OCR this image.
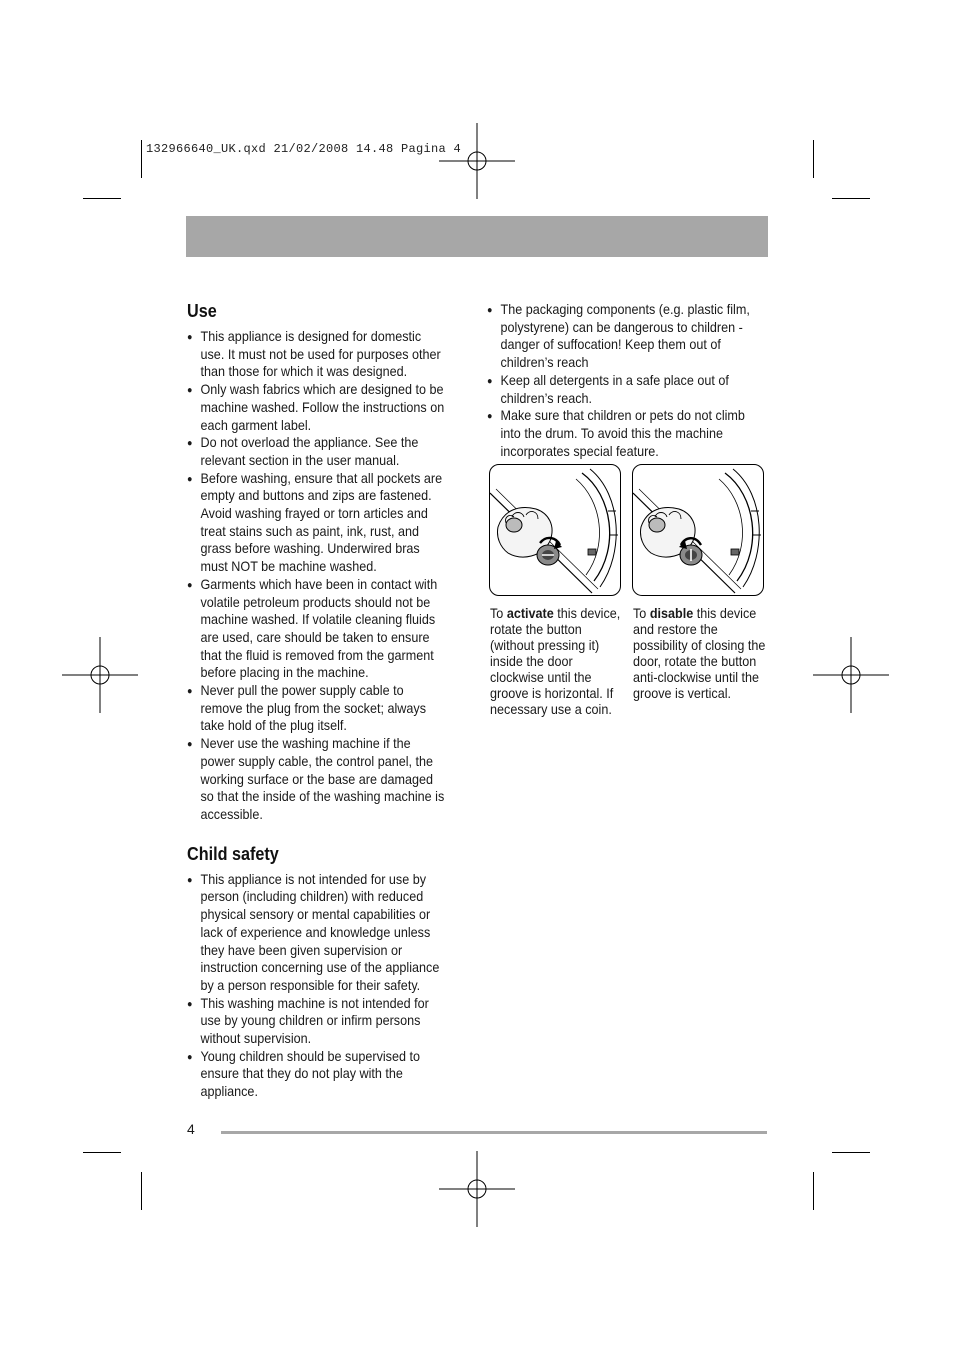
132966640_UK.qxd 21/02/2008 14.48 Pagina 4
Use
● This appliance is designed for domestic use. It must not be used for purposes other than those for which it was designed.
● Only wash fabrics which are designed to be machine washed. Follow the instructions on each garment label.
● Do not overload the appliance. See the relevant section in the user manual.
● Before washing, ensure that all pockets are empty and buttons and zips are fastened. Avoid washing frayed or torn articles and treat stains such as paint, ink, rust, and grass before washing. Underwired bras must NOT be machine washed.
● Garments which have been in contact with volatile petroleum products should not be machine washed. If volatile cleaning fluids are used, care should be taken to ensure that the fluid is removed from the garment before placing in the machine.
● Never pull the power supply cable to remove the plug from the socket; always take hold of the plug itself.
● Never use the washing machine if the power supply cable, the control panel, the working surface or the base are damaged so that the inside of the washing machine is accessible.
Child safety
● This appliance is not intended for use by person (including children) with reduced physical sensory or mental capabilities or lack of experience and knowledge unless they have been given supervision or instruction concerning use of the appliance by a person responsible for their safety.
● This washing machine is not intended for use by young children or infirm persons without supervision.
● Young children should be supervised to ensure that they do not play with the appliance.
● The packaging components (e.g. plastic film, polystyrene) can be dangerous to children - danger of suffocation! Keep them out of children’s reach
● Keep all detergents in a safe place out of children’s reach.
● Make sure that children or pets do not climb into the drum. To avoid this the machine incorporates special feature.
To activate this device, rotate the button (without pressing it) inside the door clockwise until the groove is horizontal. If necessary use a coin.
To disable this device and restore the possibility of closing the door, rotate the button anti-clockwise until the groove is vertical.
4
